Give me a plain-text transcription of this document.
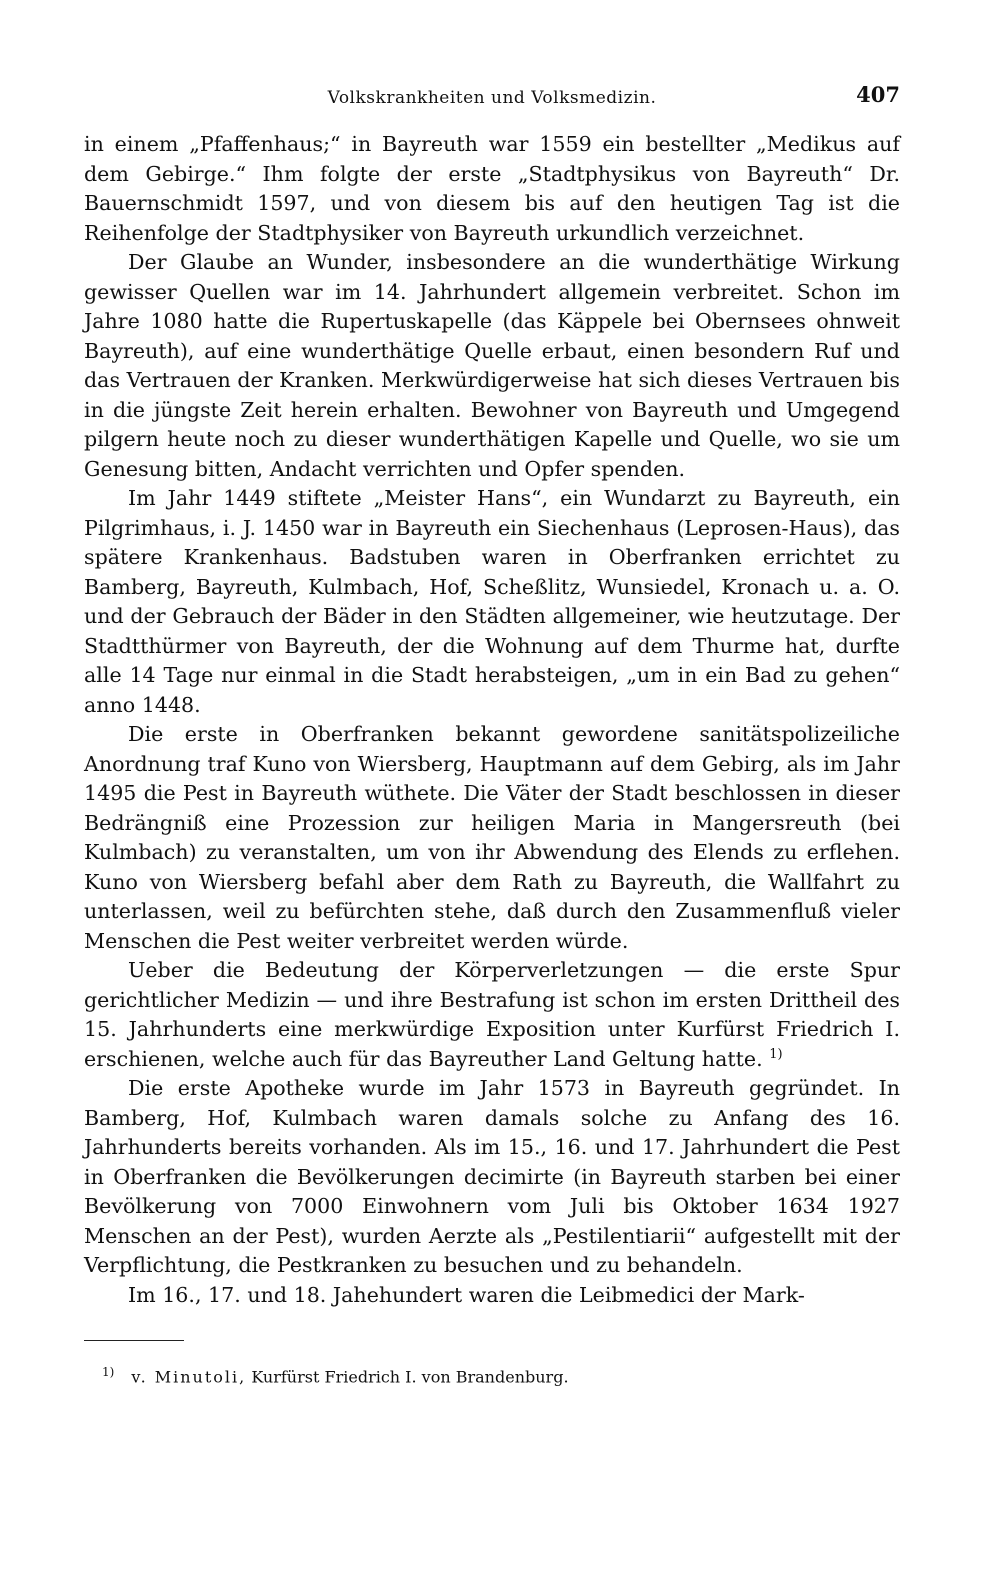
Volkskrankheiten und Volksmedizin.	407

in einem „Pfaffenhaus;“ in Bayreuth war 1559 ein bestellter „Medikus auf dem Gebirge.“ Ihm folgte der erste „Stadtphysikus von Bayreuth“ Dr. Bauernschmidt 1597, und von diesem bis auf den heutigen Tag ist die Reihenfolge der Stadtphysiker von Bayreuth urkundlich verzeichnet.

Der Glaube an Wunder, insbesondere an die wunderthätige Wirkung gewisser Quellen war im 14. Jahrhundert allgemein verbreitet. Schon im Jahre 1080 hatte die Rupertuskapelle (das Käppele bei Obernsees ohnweit Bayreuth), auf eine wunderthätige Quelle erbaut, einen besondern Ruf und das Vertrauen der Kranken. Merkwürdigerweise hat sich dieses Vertrauen bis in die jüngste Zeit herein erhalten. Bewohner von Bayreuth und Umgegend pilgern heute noch zu dieser wunderthätigen Kapelle und Quelle, wo sie um Genesung bitten, Andacht verrichten und Opfer spenden.

Im Jahr 1449 stiftete „Meister Hans“, ein Wundarzt zu Bayreuth, ein Pilgrimhaus, i. J. 1450 war in Bayreuth ein Siechenhaus (Leprosen-Haus), das spätere Krankenhaus. Badstuben waren in Oberfranken errichtet zu Bamberg, Bayreuth, Kulmbach, Hof, Scheßlitz, Wunsiedel, Kronach u. a. O. und der Gebrauch der Bäder in den Städten allgemeiner, wie heutzutage. Der Stadtthürmer von Bayreuth, der die Wohnung auf dem Thurme hat, durfte alle 14 Tage nur einmal in die Stadt herabsteigen, „um in ein Bad zu gehen“ anno 1448.

Die erste in Oberfranken bekannt gewordene sanitätspolizeiliche Anordnung traf Kuno von Wiersberg, Hauptmann auf dem Gebirg, als im Jahr 1495 die Pest in Bayreuth wüthete. Die Väter der Stadt beschlossen in dieser Bedrängniß eine Prozession zur heiligen Maria in Mangersreuth (bei Kulmbach) zu veranstalten, um von ihr Abwendung des Elends zu erflehen. Kuno von Wiersberg befahl aber dem Rath zu Bayreuth, die Wallfahrt zu unterlassen, weil zu befürchten stehe, daß durch den Zusammenfluß vieler Menschen die Pest weiter verbreitet werden würde.

Ueber die Bedeutung der Körperverletzungen — die erste Spur gerichtlicher Medizin — und ihre Bestrafung ist schon im ersten Drittheil des 15. Jahrhunderts eine merkwürdige Exposition unter Kurfürst Friedrich I. erschienen, welche auch für das Bayreuther Land Geltung hatte. $^{1)}$

Die erste Apotheke wurde im Jahr 1573 in Bayreuth gegründet. In Bamberg, Hof, Kulmbach waren damals solche zu Anfang des 16. Jahrhunderts bereits vorhanden. Als im 15., 16. und 17. Jahrhundert die Pest in Oberfranken die Bevölkerungen decimirte (in Bayreuth starben bei einer Bevölkerung von 7000 Einwohnern vom Juli bis Oktober 1634 1927 Menschen an der Pest), wurden Aerzte als „Pestilentiarii“ aufgestellt mit der Verpflichtung, die Pestkranken zu besuchen und zu behandeln.

Im 16., 17. und 18. Jahehundert waren die Leibmedici der Mark-

$^{1)}$ v. Minutoli, Kurfürst Friedrich I. von Brandenburg.
